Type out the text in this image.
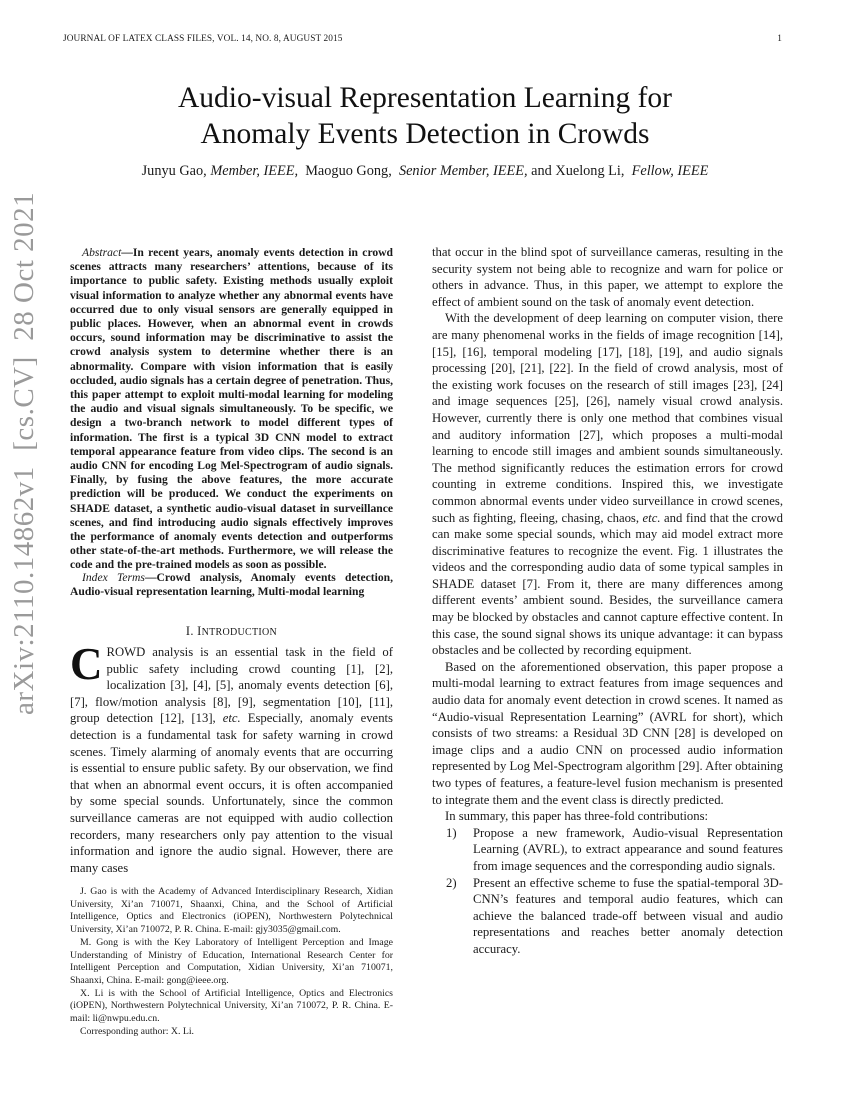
JOURNAL OF LATEX CLASS FILES, VOL. 14, NO. 8, AUGUST 2015	1
Audio-visual Representation Learning for
Anomaly Events Detection in Crowds
Junyu Gao, Member, IEEE,  Maoguo Gong,  Senior Member, IEEE, and Xuelong Li,  Fellow, IEEE
arXiv:2110.14862v1  [cs.CV]  28 Oct 2021	Abstract—In recent years, anomaly events detection in crowd scenes attracts many researchers’ attentions, because of its importance to public safety. Existing methods usually exploit visual information to analyze whether any abnormal events have occurred due to only visual sensors are generally equipped in public places. However, when an abnormal event in crowds occurs, sound information may be discriminative to assist the crowd analysis system to determine whether there is an abnormality. Compare with vision information that is easily occluded, audio signals has a certain degree of penetration. Thus, this paper attempt to exploit multi-modal learning for modeling the audio and visual signals simultaneously. To be specific, we design a two-branch network to model different types of information. The first is a typical 3D CNN model to extract temporal appearance feature from video clips. The second is an audio CNN for encoding Log Mel-Spectrogram of audio signals. Finally, by fusing the above features, the more accurate prediction will be produced. We conduct the experiments on SHADE dataset, a synthetic audio-visual dataset in surveillance scenes, and find introducing audio signals effectively improves the performance of anomaly events detection and outperforms other state-of-the-art methods. Furthermore, we will release the code and the pre-trained models as soon as possible.

Index Terms—Crowd analysis, Anomaly events detection, Audio-visual representation learning, Multi-modal learning

I. INTRODUCTION

CROWD analysis is an essential task in the field of public safety including crowd counting [1], [2], localization [3], [4], [5], anomaly events detection [6], [7], flow/motion analysis [8], [9], segmentation [10], [11], group detection [12], [13], etc. Especially, anomaly events detection is a fundamental task for safety warning in crowd scenes. Timely alarming of anomaly events that are occurring is essential to ensure public safety. By our observation, we find that when an abnormal event occurs, it is often accompanied by some special sounds. Unfortunately, since the common surveillance cameras are not equipped with audio collection recorders, many researchers only pay attention to the visual information and ignore the audio signal. However, there are many cases

J. Gao is with the Academy of Advanced Interdisciplinary Research, Xidian University, Xi’an 710071, Shaanxi, China, and the School of Artificial Intelligence, Optics and Electronics (iOPEN), Northwestern Polytechnical University, Xi’an 710072, P. R. China. E-mail: gjy3035@gmail.com.

M. Gong is with the Key Laboratory of Intelligent Perception and Image Understanding of Ministry of Education, International Research Center for Intelligent Perception and Computation, Xidian University, Xi’an 710071, Shaanxi, China. E-mail: gong@ieee.org.

X. Li is with the School of Artificial Intelligence, Optics and Electronics (iOPEN), Northwestern Polytechnical University, Xi’an 710072, P. R. China. E-mail: li@nwpu.edu.cn.

Corresponding author: X. Li.

that occur in the blind spot of surveillance cameras, resulting in the security system not being able to recognize and warn for police or others in advance. Thus, in this paper, we attempt to explore the effect of ambient sound on the task of anomaly event detection.

With the development of deep learning on computer vision, there are many phenomenal works in the fields of image recognition [14], [15], [16], temporal modeling [17], [18], [19], and audio signals processing [20], [21], [22]. In the field of crowd analysis, most of the existing work focuses on the research of still images [23], [24] and image sequences [25], [26], namely visual crowd analysis. However, currently there is only one method that combines visual and auditory information [27], which proposes a multi-modal learning to encode still images and ambient sounds simultaneously. The method significantly reduces the estimation errors for crowd counting in extreme conditions. Inspired this, we investigate common abnormal events under video surveillance in crowd scenes, such as fighting, fleeing, chasing, chaos, etc. and find that the crowd can make some special sounds, which may aid model extract more discriminative features to recognize the event. Fig. 1 illustrates the videos and the corresponding audio data of some typical samples in SHADE dataset [7]. From it, there are many differences among different events’ ambient sound. Besides, the surveillance camera may be blocked by obstacles and cannot capture effective content. In this case, the sound signal shows its unique advantage: it can bypass obstacles and be collected by recording equipment.

Based on the aforementioned observation, this paper propose a multi-modal learning to extract features from image sequences and audio data for anomaly event detection in crowd scenes. It named as “Audio-visual Representation Learning” (AVRL for short), which consists of two streams: a Residual 3D CNN [28] is developed on image clips and a audio CNN on processed audio information represented by Log Mel-Spectrogram algorithm [29]. After obtaining two types of features, a feature-level fusion mechanism is presented to integrate them and the event class is directly predicted.

In summary, this paper has three-fold contributions:

1) Propose a new framework, Audio-visual Representation Learning (AVRL), to extract appearance and sound features from image sequences and the corresponding audio signals.
2) Present an effective scheme to fuse the spatial-temporal 3D-CNN’s features and temporal audio features, which can achieve the balanced trade-off between visual and audio representations and reaches better anomaly detection accuracy.
